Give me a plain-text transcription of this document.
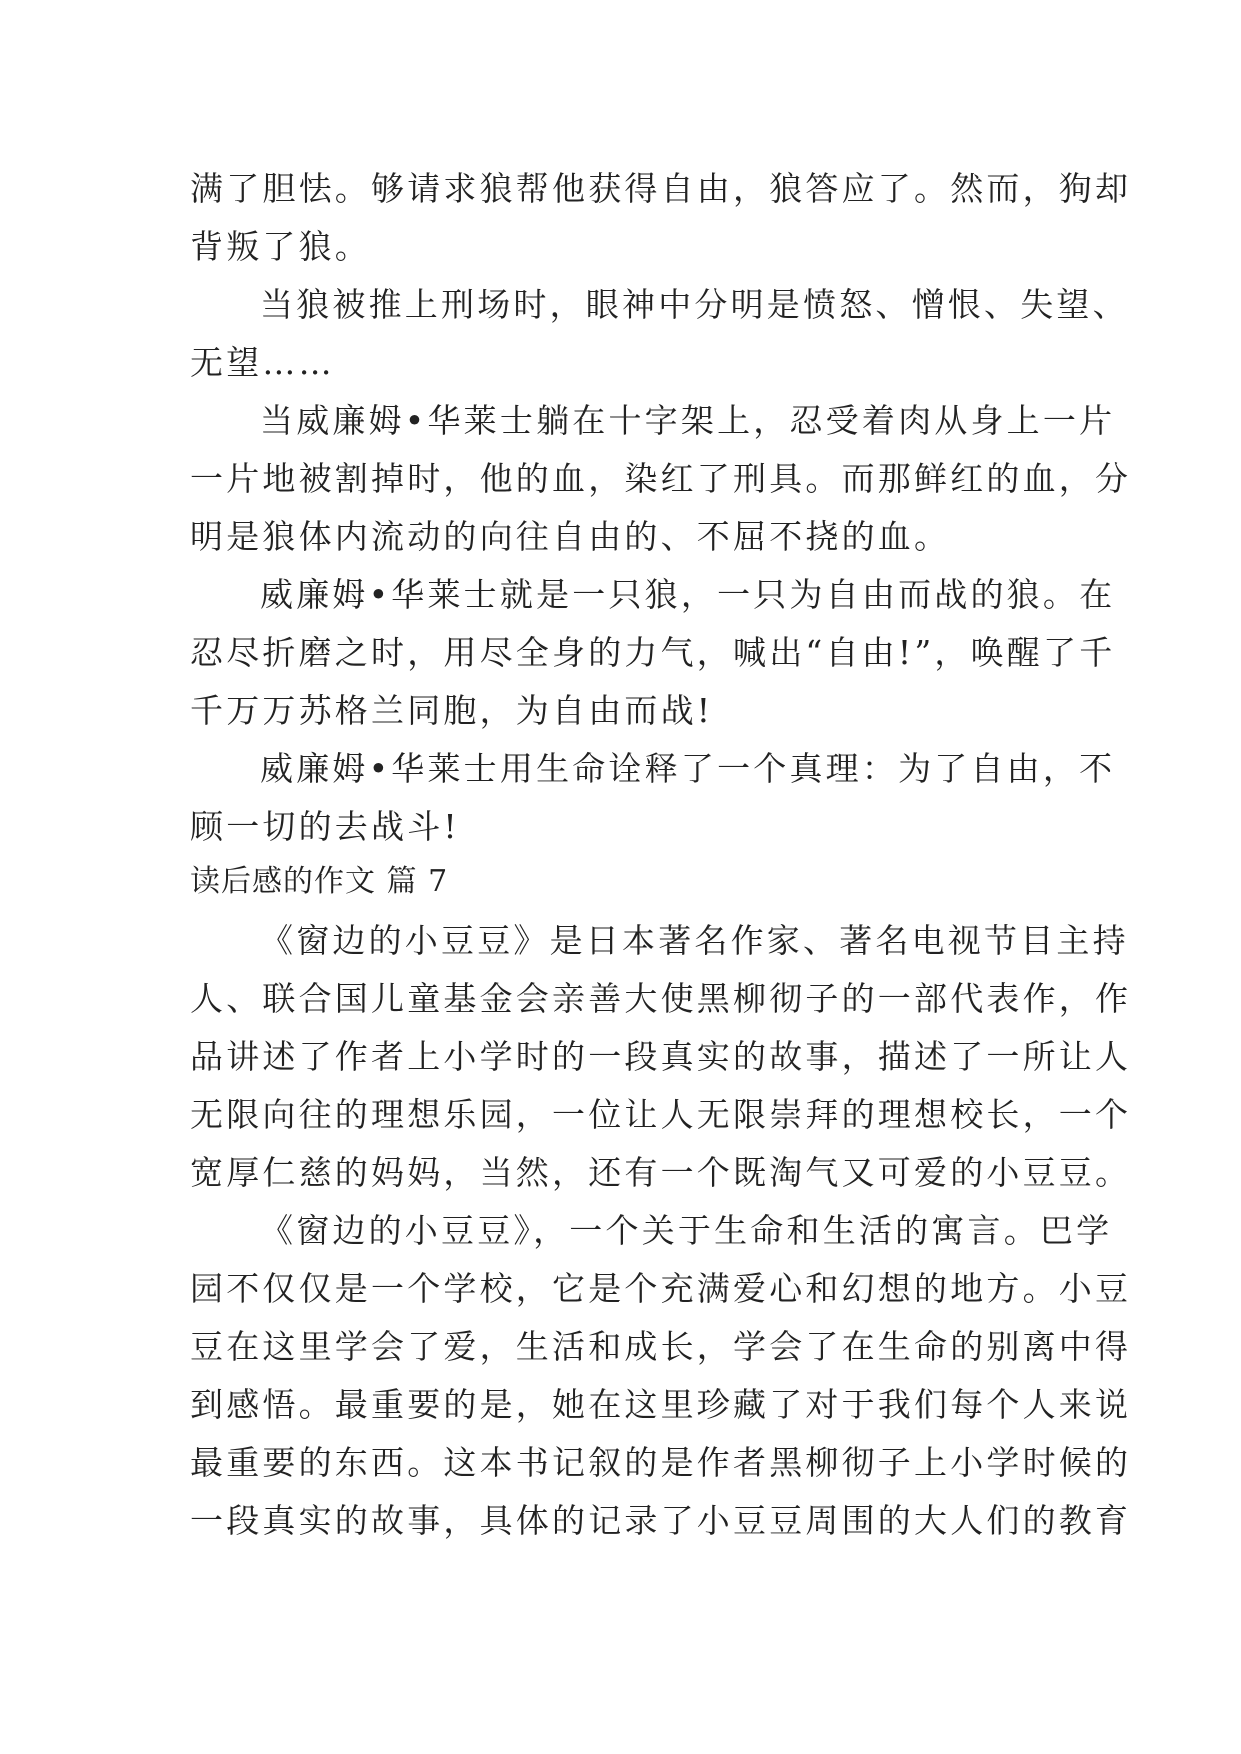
满了胆怯。够请求狼帮他获得自由，狼答应了。然而，狗却
背叛了狼。
当狼被推上刑场时，眼神中分明是愤怒、憎恨、失望、
无望……
当威廉姆•华莱士躺在十字架上，忍受着肉从身上一片
一片地被割掉时，他的血，染红了刑具。而那鲜红的血，分
明是狼体内流动的向往自由的、不屈不挠的血。
威廉姆•华莱士就是一只狼，一只为自由而战的狼。在
忍尽折磨之时，用尽全身的力气，喊出“自由!”，唤醒了千
千万万苏格兰同胞，为自由而战!
威廉姆•华莱士用生命诠释了一个真理：为了自由，不
顾一切的去战斗!
读后感的作文 篇 7
《窗边的小豆豆》是日本著名作家、著名电视节目主持
人、联合国儿童基金会亲善大使黑柳彻子的一部代表作，作
品讲述了作者上小学时的一段真实的故事，描述了一所让人
无限向往的理想乐园，一位让人无限崇拜的理想校长，一个
宽厚仁慈的妈妈，当然，还有一个既淘气又可爱的小豆豆。
《窗边的小豆豆》，一个关于生命和生活的寓言。巴学
园不仅仅是一个学校，它是个充满爱心和幻想的地方。小豆
豆在这里学会了爱，生活和成长，学会了在生命的别离中得
到感悟。最重要的是，她在这里珍藏了对于我们每个人来说
最重要的东西。这本书记叙的是作者黑柳彻子上小学时候的
一段真实的故事，具体的记录了小豆豆周围的大人们的教育
